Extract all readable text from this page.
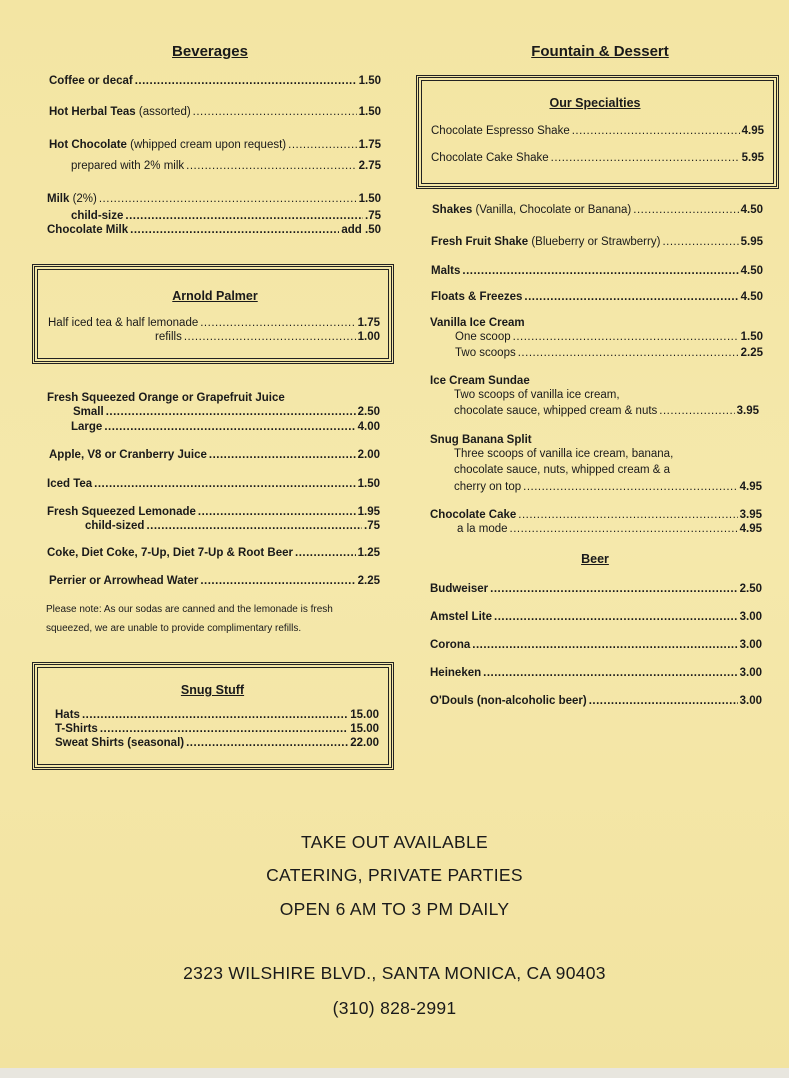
Beverages
Coffee or decaf .....	1.50
Hot Herbal Teas (assorted) .....	1.50
Hot Chocolate (whipped cream upon request) .....	1.75
prepared with 2% milk .....	2.75
Milk (2%) .....	1.50
child-size .....	.75
Chocolate Milk .....	add .50
Arnold Palmer
Half iced tea & half lemonade .....	1.75
refills .....	1.00
Fresh Squeezed Orange or Grapefruit Juice
Small .....	2.50
Large .....	4.00
Apple, V8 or Cranberry Juice .....	2.00
Iced Tea .....	1.50
Fresh Squeezed Lemonade .....	1.95
child-sized .....	.75
Coke, Diet Coke, 7-Up, Diet 7-Up & Root Beer .....	1.25
Perrier or Arrowhead Water .....	2.25
Please note: As our sodas are canned and the lemonade is fresh
squeezed, we are unable to provide complimentary refills.
Snug Stuff
Hats .....	15.00
T-Shirts .....	15.00
Sweat Shirts (seasonal) .....	22.00
Fountain & Dessert
Our Specialties
Chocolate Espresso Shake .....	4.95
Chocolate Cake Shake .....	5.95
Shakes (Vanilla, Chocolate or Banana) .....	4.50
Fresh Fruit Shake (Blueberry or Strawberry) .....	5.95
Malts .....	4.50
Floats & Freezes .....	4.50
Vanilla Ice Cream
One scoop .....	1.50
Two scoops .....	2.25
Ice Cream Sundae
Two scoops of vanilla ice cream,
chocolate sauce, whipped cream & nuts .....	3.95
Snug Banana Split
Three scoops of vanilla ice cream, banana,
chocolate sauce, nuts, whipped cream & a
cherry on top .....	4.95
Chocolate Cake .....	3.95
a la mode .....	4.95
Beer
Budweiser .....	2.50
Amstel Lite .....	3.00
Corona .....	3.00
Heineken .....	3.00
O'Douls (non-alcoholic beer) .....	3.00
TAKE OUT AVAILABLE
CATERING, PRIVATE PARTIES
OPEN 6 AM TO 3 PM DAILY
2323 WILSHIRE BLVD., SANTA MONICA, CA 90403
(310) 828-2991
